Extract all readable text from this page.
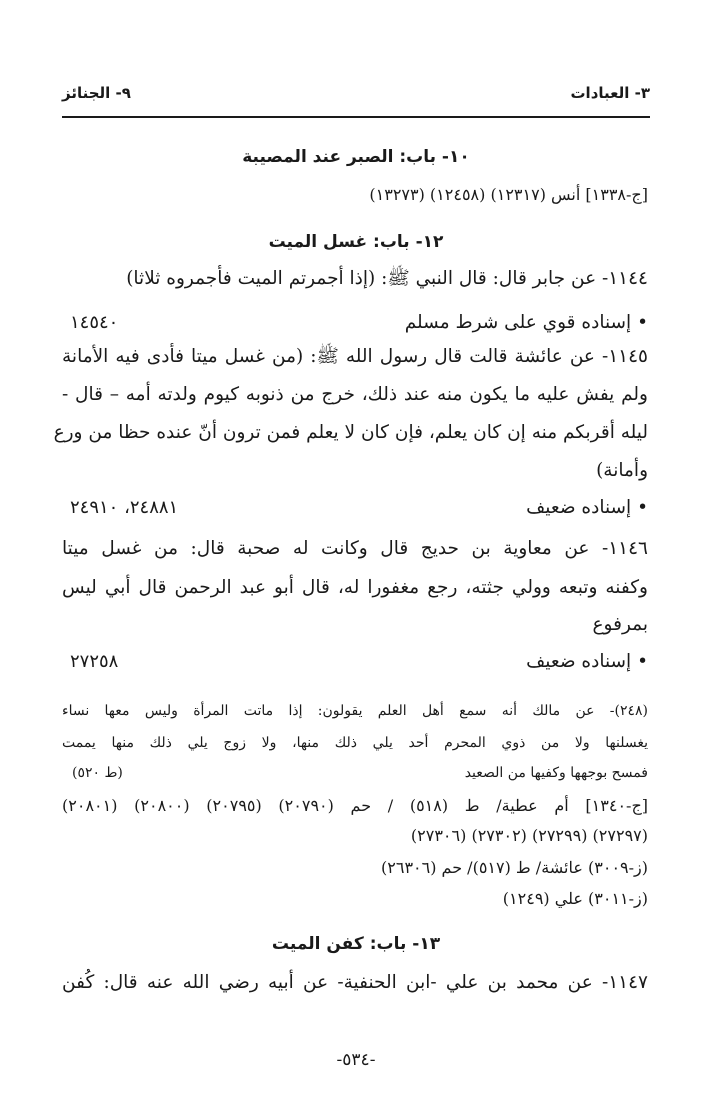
٣- العبادات
٩- الجنائز
١٠- باب: الصبر عند المصيبة
[ج-١٣٣٨] أنس (١٢٣١٧) (١٢٤٥٨) (١٣٢٧٣)
١٢- باب: غسل الميت
١١٤٤- عن جابر قال: قال النبي ﷺ: (إذا أجمرتم الميت فأجمروه ثلاثا)
• إسناده قوي على شرط مسلم
١٤٥٤٠
١١٤٥- عن عائشة قالت قال رسول الله ﷺ: (من غسل ميتا فأدى فيه الأمانة
ولم يفش عليه ما يكون منه عند ذلك، خرج من ذنوبه كيوم ولدته أمه – قال -
ليله أقربكم منه إن كان يعلم، فإن كان لا يعلم فمن ترون أنّ عنده حظا من ورع
وأمانة)
• إسناده ضعيف
٢٤٨٨١، ٢٤٩١٠
١١٤٦- عن معاوية بن حديج قال وكانت له صحبة قال: من غسل ميتا
وكفنه وتبعه وولي جثته، رجع مغفورا له، قال أبو عبد الرحمن قال أبي ليس
بمرفوع
• إسناده ضعيف
٢٧٢٥٨
(٢٤٨)- عن مالك أنه سمع أهل العلم يقولون: إذا ماتت المرأة وليس معها نساء
يغسلنها ولا من ذوي المحرم أحد يلي ذلك منها، ولا زوج يلي ذلك منها يممت
فمسح بوجهها وكفيها من الصعيد
(ط ٥٢٠)
[ج-١٣٤٠] أم عطية/ ط (٥١٨) / حم (٢٠٧٩٠) (٢٠٧٩٥) (٢٠٨٠٠) (٢٠٨٠١)
(٢٧٢٩٧) (٢٧٢٩٩) (٢٧٣٠٢) (٢٧٣٠٦)
(ز-٣٠٠٩) عائشة/ ط (٥١٧)/ حم (٢٦٣٠٦)
(ز-٣٠١١) علي (١٢٤٩)
١٣- باب: كفن الميت
١١٤٧- عن محمد بن علي -ابن الحنفية- عن أبيه رضي الله عنه قال: كُفن
-٥٣٤-
